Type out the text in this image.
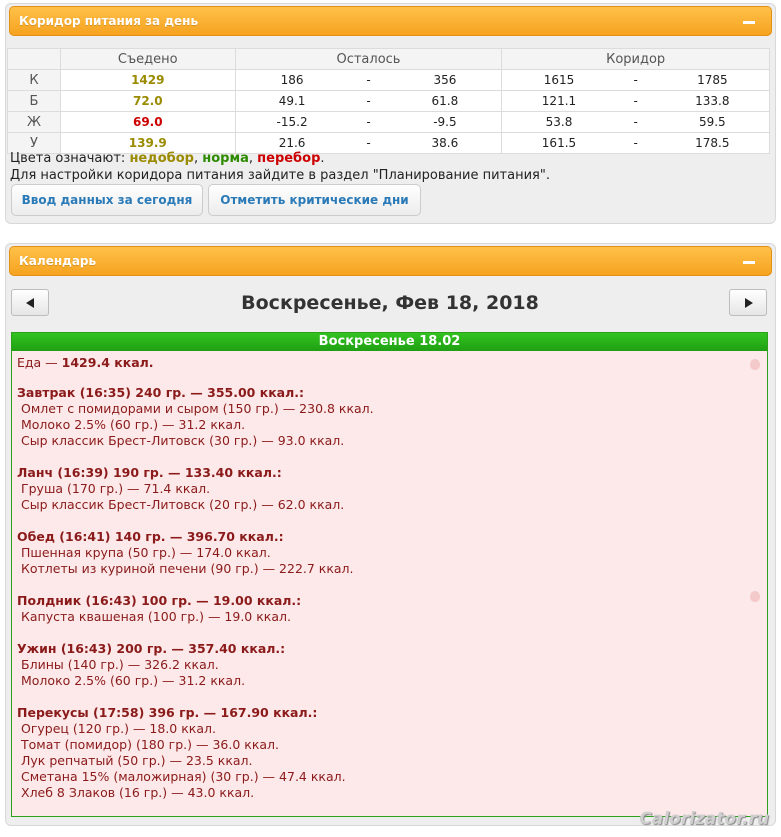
Коридор питания за день
	Съедено	Осталось	Коридор
К	1429	186 - 356	1615 - 1785

Б	72.0	49.1 - 61.8	121.1 - 133.8

Ж	69.0	-15.2 - -9.5	53.8 - 59.5

У	139.9	21.6 - 38.6	161.5 - 178.5
Цвета означают: недобор, норма, перебор.
Для настройки коридора питания зайдите в раздел "Планирование питания".
Ввод данных за сегодня	Отметить критические дни
Календарь
Воскресенье, Фев 18, 2018
Воскресенье 18.02
Еда — 1429.4 ккал.
Завтрак (16:35) 240 гр. — 355.00 ккал.:
Омлет с помидорами и сыром (150 гр.) — 230.8 ккал.
Молоко 2.5% (60 гр.) — 31.2 ккал.
Сыр классик Брест-Литовск (30 гр.) — 93.0 ккал.
Ланч (16:39) 190 гр. — 133.40 ккал.:
Груша (170 гр.) — 71.4 ккал.
Сыр классик Брест-Литовск (20 гр.) — 62.0 ккал.
Обед (16:41) 140 гр. — 396.70 ккал.:
Пшенная крупа (50 гр.) — 174.0 ккал.
Котлеты из куриной печени (90 гр.) — 222.7 ккал.
Полдник (16:43) 100 гр. — 19.00 ккал.:
Капуста квашеная (100 гр.) — 19.0 ккал.
Ужин (16:43) 200 гр. — 357.40 ккал.:
Блины (140 гр.) — 326.2 ккал.
Молоко 2.5% (60 гр.) — 31.2 ккал.
Перекусы (17:58) 396 гр. — 167.90 ккал.:
Огурец (120 гр.) — 18.0 ккал.
Томат (помидор) (180 гр.) — 36.0 ккал.
Лук репчатый (50 гр.) — 23.5 ккал.
Сметана 15% (маложирная) (30 гр.) — 47.4 ккал.
Хлеб 8 Злаков (16 гр.) — 43.0 ккал.
Calorizator.ru
